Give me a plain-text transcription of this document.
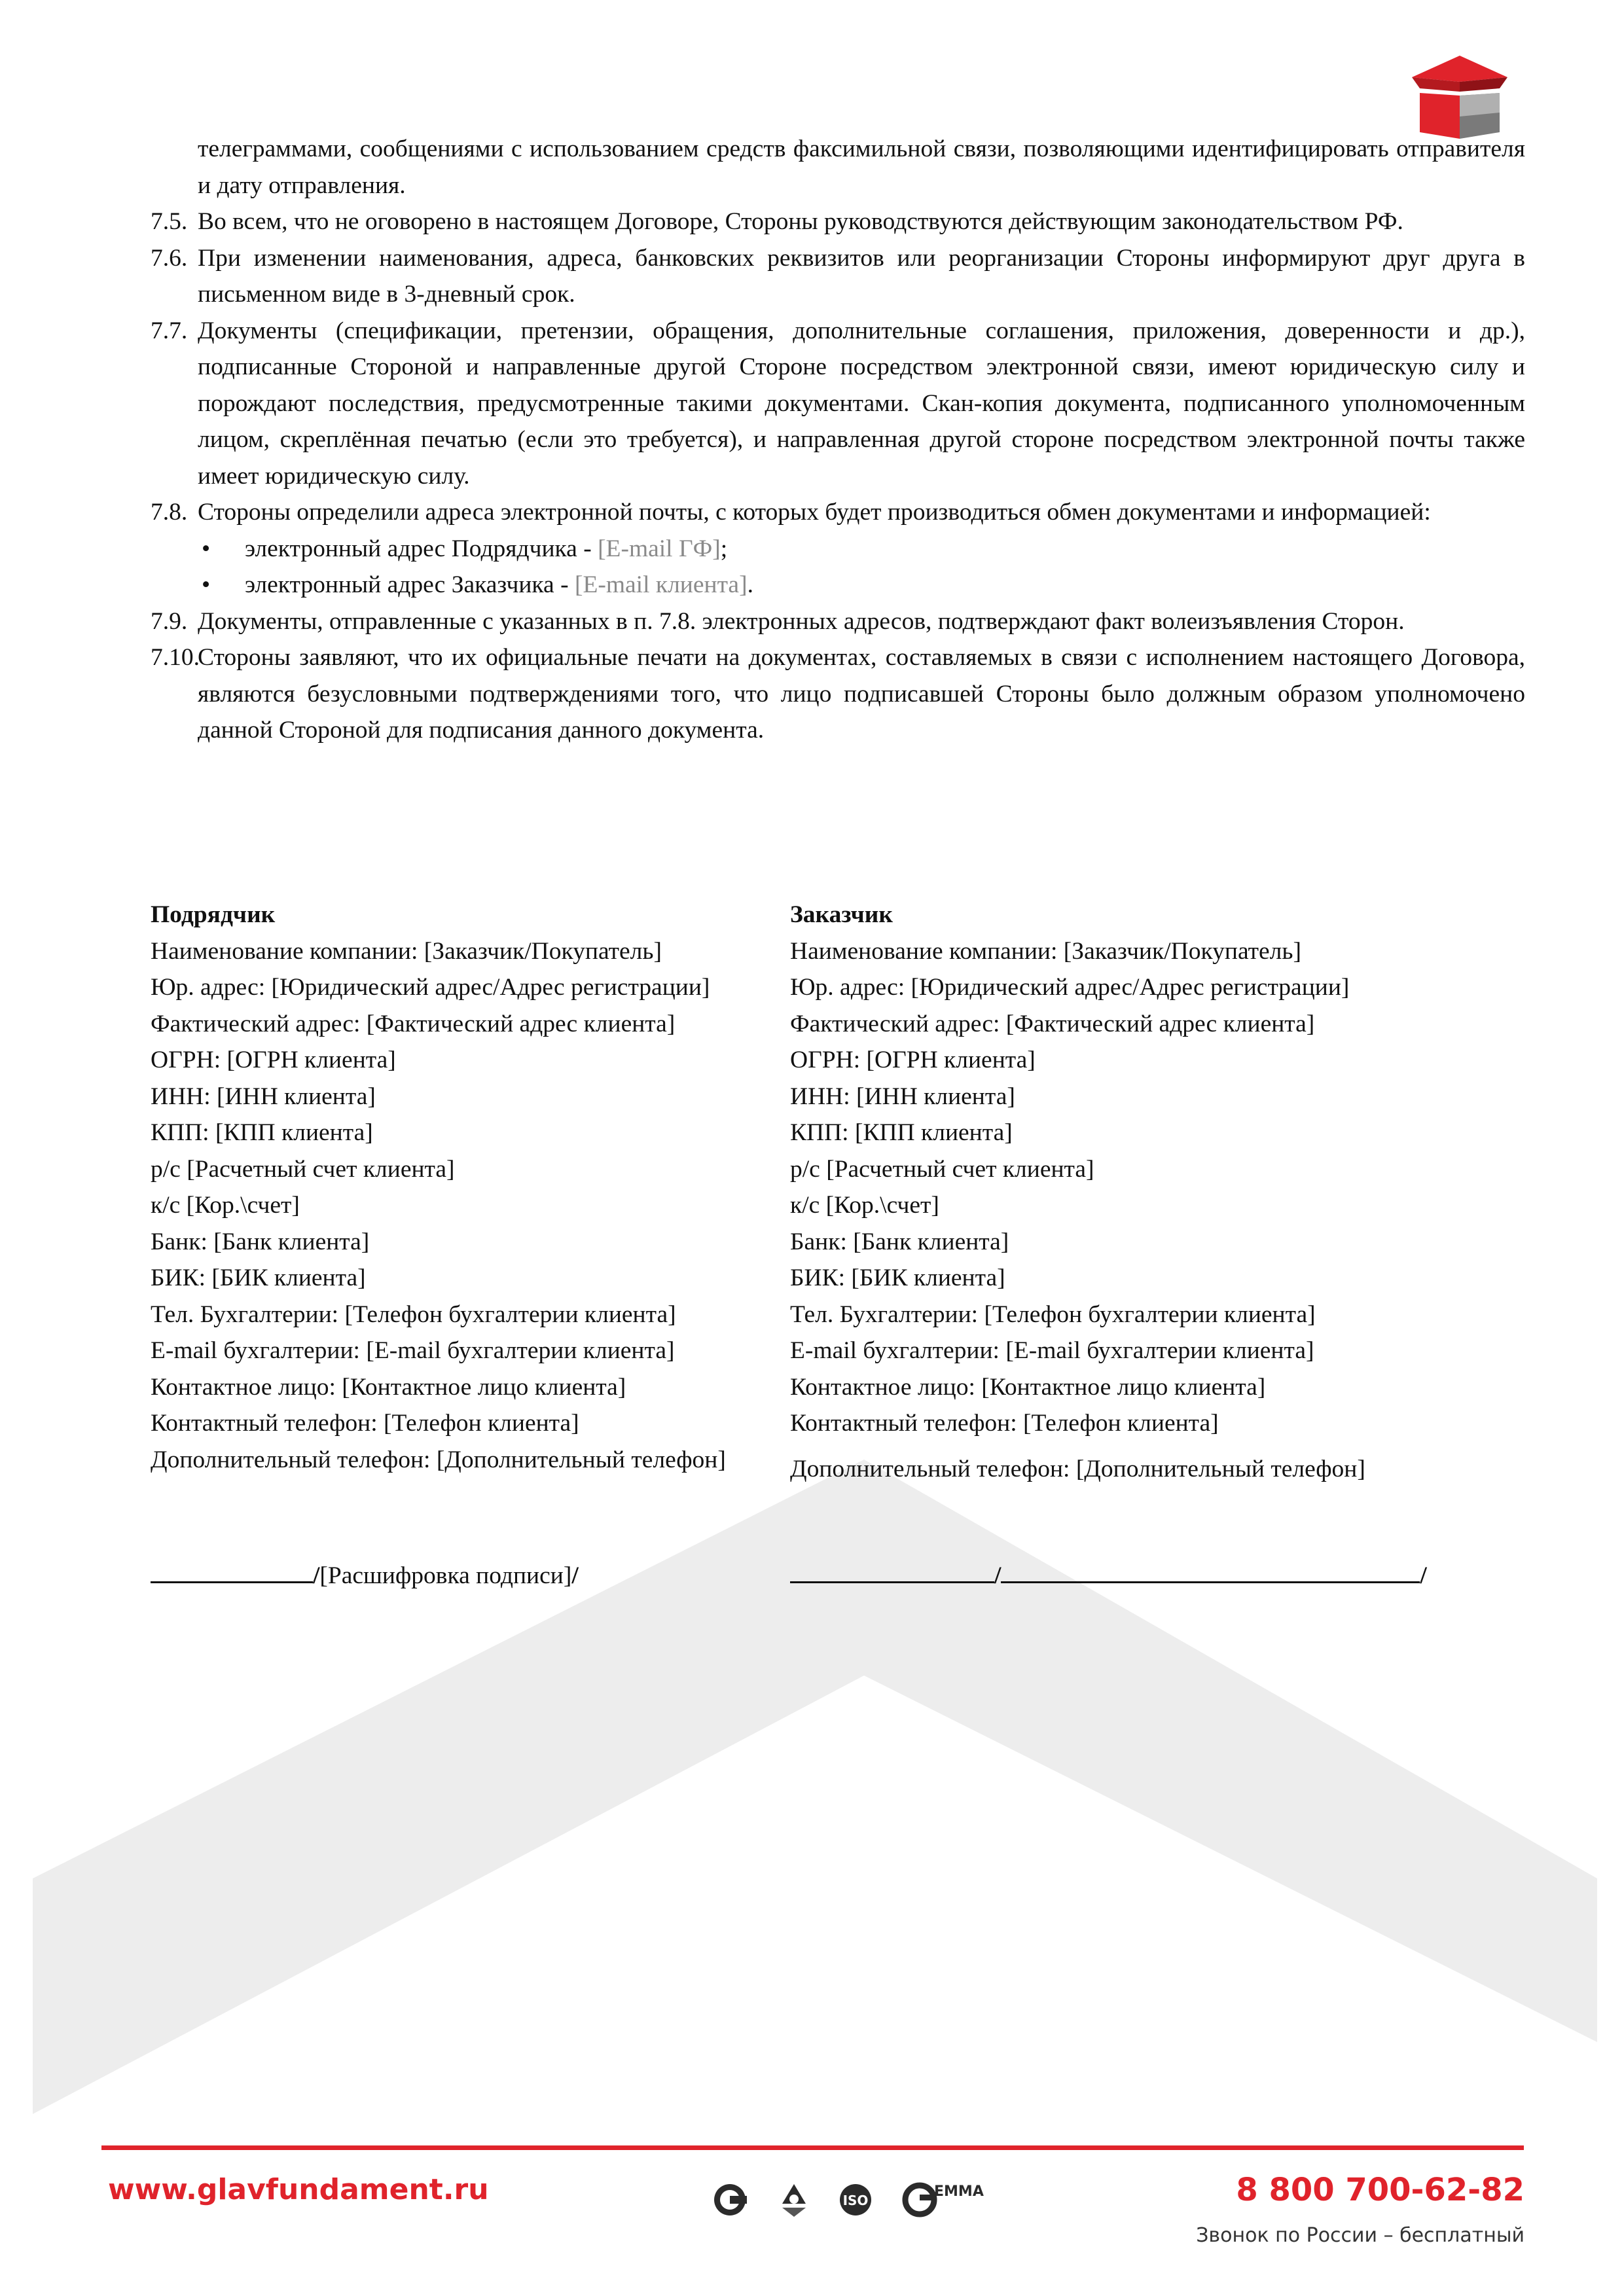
телеграммами, сообщениями с использованием средств факсимильной связи, позволяющими идентифицировать отправителя и дату отправления.
7.5. Во всем, что не оговорено в настоящем Договоре, Стороны руководствуются действующим законодательством РФ.
7.6. При изменении наименования, адреса, банковских реквизитов или реорганизации Стороны информируют друг друга в письменном виде в 3-дневный срок.
7.7. Документы (спецификации, претензии, обращения, дополнительные соглашения, приложения, доверенности и др.), подписанные Стороной и направленные другой Стороне посредством электронной связи, имеют юридическую силу и порождают последствия, предусмотренные такими документами. Скан-копия документа, подписанного уполномоченным лицом, скреплённая печатью (если это требуется), и направленная другой стороне посредством электронной почты также имеет юридическую силу.
7.8. Стороны определили адреса электронной почты, с которых будет производиться обмен документами и информацией:
• электронный адрес Подрядчика - [E-mail ГФ];
• электронный адрес Заказчика - [E-mail клиента].
7.9. Документы, отправленные с указанных в п. 7.8. электронных адресов, подтверждают факт волеизъявления Сторон.
7.10.
Стороны заявляют, что их официальные печати на документах, составляемых в связи с исполнением настоящего Договора, являются безусловными подтверждениями того, что лицо подписавшей Стороны было должным образом уполномочено данной Стороной для подписания данного документа.
Подрядчик
Наименование компании: [Заказчик/Покупатель]
Юр. адрес: [Юридический адрес/Адрес регистрации]
Фактический адрес: [Фактический адрес клиента]
ОГРН: [ОГРН клиента]
ИНН: [ИНН клиента]
КПП: [КПП клиента]
р/с [Расчетный счет клиента]
к/с [Кор.\счет]
Банк: [Банк клиента]
БИК: [БИК клиента]
Тел. Бухгалтерии: [Телефон бухгалтерии клиента]
E-mail бухгалтерии: [E-mail бухгалтерии клиента]
Контактное лицо: [Контактное лицо клиента]
Контактный телефон: [Телефон клиента]
Дополнительный телефон: [Дополнительный телефон]
Заказчик
Наименование компании: [Заказчик/Покупатель]
Юр. адрес: [Юридический адрес/Адрес регистрации]
Фактический адрес: [Фактический адрес клиента]
ОГРН: [ОГРН клиента]
ИНН: [ИНН клиента]
КПП: [КПП клиента]
р/с [Расчетный счет клиента]
к/с [Кор.\счет]
Банк: [Банк клиента]
БИК: [БИК клиента]
Тел. Бухгалтерии: [Телефон бухгалтерии клиента]
E-mail бухгалтерии: [E-mail бухгалтерии клиента]
Контактное лицо: [Контактное лицо клиента]
Контактный телефон: [Телефон клиента]
Дополнительный телефон: [Дополнительный телефон]
/[Расшифровка подписи]/	/	/
www.glavfundament.ru	ISO
EMMA	8 800 700-62-82
Звонок по России – бесплатный
